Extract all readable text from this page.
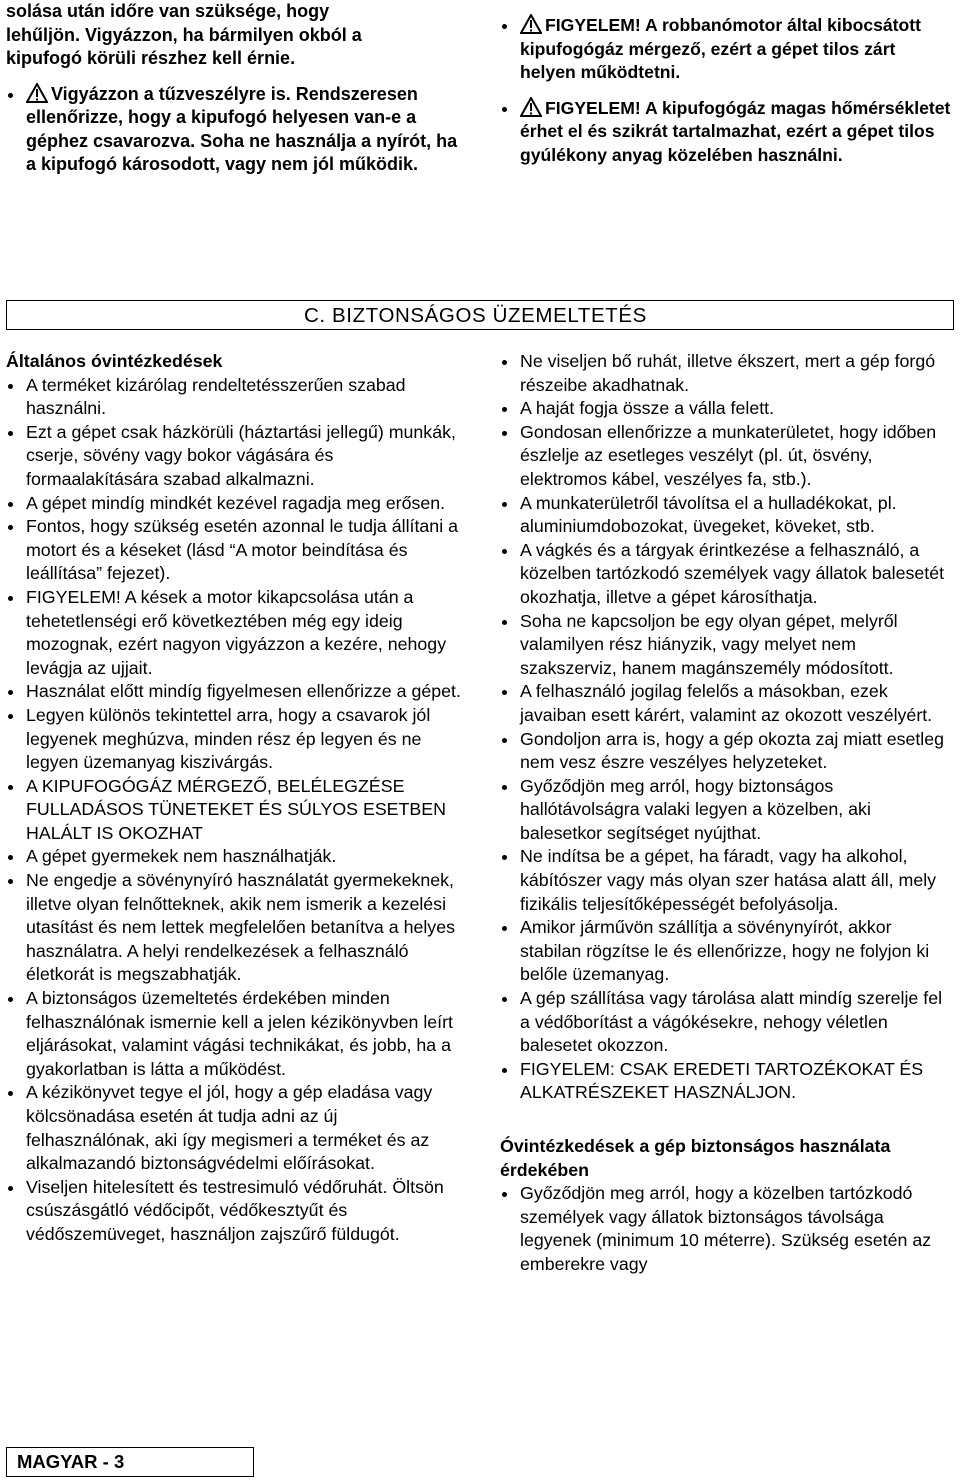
solása után időre van szüksége, hogy

lehűljön. Vigyázzon, ha bármilyen okból a

kipufogó körüli részhez kell érnie.

Vigyázzon a tűzveszélyre is. Rendszeresen ellenőrizze, hogy a kipufogó helyesen van-e a géphez csavarozva. Soha ne használja a nyírót, ha a kipufogó károsodott, vagy nem jól működik.
FIGYELEM! A robbanómotor által kibocsátott kipufogógáz mérgező, ezért a gépet tilos zárt helyen működtetni.
FIGYELEM! A kipufogógáz magas hőmérsékletet érhet el és szikrát tartalmazhat, ezért a gépet tilos gyúlékony anyag közelében használni.
C. BIZTONSÁGOS ÜZEMELTETÉS
Általános óvintézkedések
A terméket kizárólag rendeltetésszerűen szabad használni.
Ezt a gépet csak házkörüli (háztartási jellegű) munkák, cserje, sövény vagy bokor vágására és formaalakítására szabad alkalmazni.
A gépet mindíg mindkét kezével ragadja meg erősen.
Fontos, hogy szükség esetén azonnal le tudja állítani a motort és a késeket (lásd “A motor beindítása és leállítása” fejezet).
FIGYELEM! A kések a motor kikapcsolása után a tehetetlenségi erő következtében még egy ideig mozognak, ezért nagyon vigyázzon a kezére, nehogy levágja az ujjait.
Használat előtt mindíg figyelmesen ellenőrizze a gépet.
Legyen különös tekintettel arra, hogy a csavarok jól legyenek meghúzva, minden rész ép legyen és ne legyen üzemanyag kiszivárgás.
A KIPUFOGÓGÁZ MÉRGEZŐ, BELÉLEGZÉSE FULLADÁSOS TÜNETEKET ÉS SÚLYOS ESETBEN HALÁLT IS OKOZHAT
A gépet gyermekek nem használhatják.
Ne engedje a sövénynyíró használatát gyermekeknek, illetve olyan felnőtteknek, akik nem ismerik a kezelési utasítást és nem lettek megfelelően betanítva a helyes használatra. A helyi rendelkezések a felhasználó életkorát is megszabhatják.
A biztonságos üzemeltetés érdekében minden felhasználónak ismernie kell a jelen kézikönyvben leírt eljárásokat, valamint vágási technikákat, és jobb, ha a gyakorlatban is látta a működést.
A kézikönyvet tegye el jól, hogy a gép eladása vagy kölcsönadása esetén át tudja adni az új felhasználónak, aki így megismeri a terméket és az alkalmazandó biztonságvédelmi előírásokat.
Viseljen hitelesített és testresimuló védőruhát. Öltsön csúszásgátló védőcipőt, védőkesztyűt és védőszemüveget, használjon zajszűrő füldugót.
Ne viseljen bő ruhát, illetve ékszert, mert a gép forgó részeibe akadhatnak.
A haját fogja össze a válla felett.
Gondosan ellenőrizze a munkaterületet, hogy időben észlelje az esetleges veszélyt (pl. út, ösvény, elektromos kábel, veszélyes fa, stb.).
A munkaterületről távolítsa el a hulladékokat, pl. aluminiumdobozokat, üvegeket, köveket, stb.
A vágkés és a tárgyak érintkezése a felhasználó, a közelben tartózkodó személyek vagy állatok balesetét okozhatja, illetve a gépet károsíthatja.
Soha ne kapcsoljon be egy olyan gépet, melyről valamilyen rész hiányzik, vagy melyet nem szakszerviz, hanem magánszemély módosított.
A felhasználó jogilag felelős a másokban, ezek javaiban esett kárért, valamint az okozott veszélyért.
Gondoljon arra is, hogy a gép okozta zaj miatt esetleg nem vesz észre veszélyes helyzeteket.
Győződjön meg arról, hogy biztonságos hallótávolságra valaki legyen a közelben, aki balesetkor segítséget nyújthat.
Ne indítsa be a gépet, ha fáradt, vagy ha alkohol, kábítószer vagy más olyan szer hatása alatt áll, mely fizikális teljesítőképességét befolyásolja.
Amikor járművön szállítja a sövénynyírót, akkor stabilan rögzítse le és ellenőrizze, hogy ne folyjon ki belőle üzemanyag.
A gép szállítása vagy tárolása alatt mindíg szerelje fel a védőborítást a vágókésekre, nehogy véletlen balesetet okozzon.
FIGYELEM: CSAK EREDETI TARTOZÉKOKAT ÉS ALKATRÉSZEKET HASZNÁLJON.
Óvintézkedések a gép biztonságos használata érdekében
Győződjön meg arról, hogy a közelben tartózkodó személyek vagy állatok biztonságos távolsága legyenek (minimum 10 méterre). Szükség esetén az emberekre vagy
MAGYAR - 3
